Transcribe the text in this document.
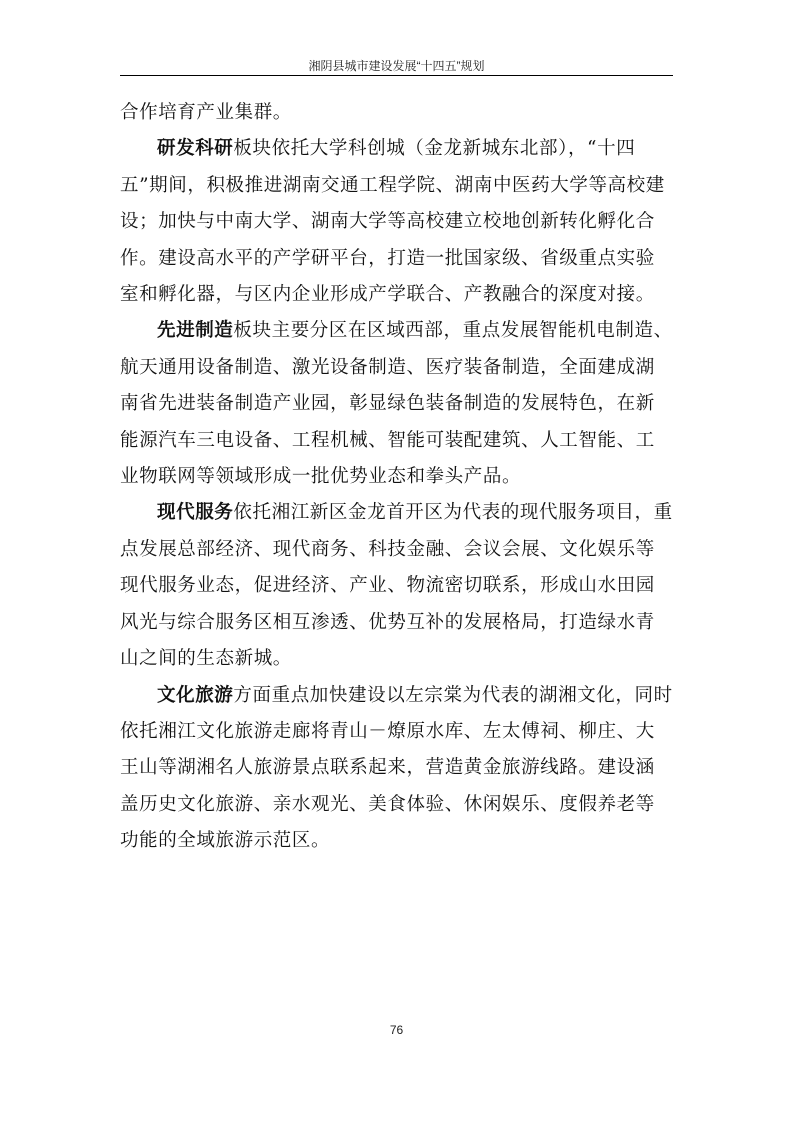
湘阴县城市建设发展“十四五”规划

合作培育产业集群。

研发科研板块依托大学科创城（金龙新城东北部），“十四五”期间，积极推进湖南交通工程学院、湖南中医药大学等高校建设；加快与中南大学、湖南大学等高校建立校地创新转化孵化合作。建设高水平的产学研平台，打造一批国家级、省级重点实验室和孵化器，与区内企业形成产学联合、产教融合的深度对接。

先进制造板块主要分区在区域西部，重点发展智能机电制造、航天通用设备制造、激光设备制造、医疗装备制造，全面建成湖南省先进装备制造产业园，彰显绿色装备制造的发展特色，在新能源汽车三电设备、工程机械、智能可装配建筑、人工智能、工业物联网等领域形成一批优势业态和拳头产品。

现代服务依托湘江新区金龙首开区为代表的现代服务项目，重点发展总部经济、现代商务、科技金融、会议会展、文化娱乐等现代服务业态，促进经济、产业、物流密切联系，形成山水田园风光与综合服务区相互渗透、优势互补的发展格局，打造绿水青山之间的生态新城。

文化旅游方面重点加快建设以左宗棠为代表的湖湘文化，同时依托湘江文化旅游走廊将青山－燎原水库、左太傅祠、柳庄、大王山等湖湘名人旅游景点联系起来，营造黄金旅游线路。建设涵盖历史文化旅游、亲水观光、美食体验、休闲娱乐、度假养老等功能的全域旅游示范区。

76
